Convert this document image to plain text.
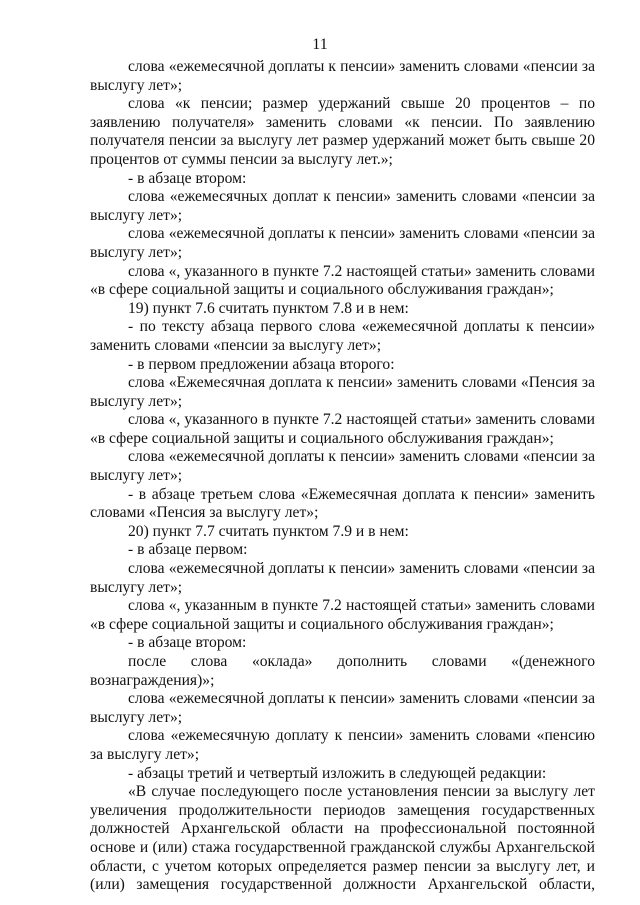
11

слова «ежемесячной доплаты к пенсии» заменить словами «пенсии за выслугу лет»;

слова «к пенсии; размер удержаний свыше 20 процентов – по заявлению получателя» заменить словами «к пенсии. По заявлению получателя пенсии за выслугу лет размер удержаний может быть свыше 20 процентов от суммы пенсии за выслугу лет.»;

- в абзаце втором:

слова «ежемесячных доплат к пенсии» заменить словами «пенсии за выслугу лет»;

слова «ежемесячной доплаты к пенсии» заменить словами «пенсии за выслугу лет»;

слова «, указанного в пункте 7.2 настоящей статьи» заменить словами «в сфере социальной защиты и социального обслуживания граждан»;

19) пункт 7.6 считать пунктом 7.8 и в нем:

- по тексту абзаца первого слова «ежемесячной доплаты к пенсии» заменить словами «пенсии за выслугу лет»;

- в первом предложении абзаца второго:

слова «Ежемесячная доплата к пенсии» заменить словами «Пенсия за выслугу лет»;

слова «, указанного в пункте 7.2 настоящей статьи» заменить словами «в сфере социальной защиты и социального обслуживания граждан»;

слова «ежемесячной доплаты к пенсии» заменить словами «пенсии за выслугу лет»;

- в абзаце третьем слова «Ежемесячная доплата к пенсии» заменить словами «Пенсия за выслугу лет»;

20) пункт 7.7 считать пунктом 7.9 и в нем:

- в абзаце первом:

слова «ежемесячной доплаты к пенсии» заменить словами «пенсии за выслугу лет»;

слова «, указанным в пункте 7.2 настоящей статьи» заменить словами «в сфере социальной защиты и социального обслуживания граждан»;

- в абзаце втором:

после слова «оклада» дополнить словами «(денежного вознаграждения)»;

слова «ежемесячной доплаты к пенсии» заменить словами «пенсии за выслугу лет»;

слова «ежемесячную доплату к пенсии» заменить словами «пенсию за выслугу лет»;

- абзацы третий и четвертый изложить в следующей редакции:

«В случае последующего после установления пенсии за выслугу лет увеличения продолжительности периодов замещения государственных должностей Архангельской области на профессиональной постоянной основе и (или) стажа государственной гражданской службы Архангельской области, с учетом которых определяется размер пенсии за выслугу лет, и (или) замещения государственной должности Архангельской области,
